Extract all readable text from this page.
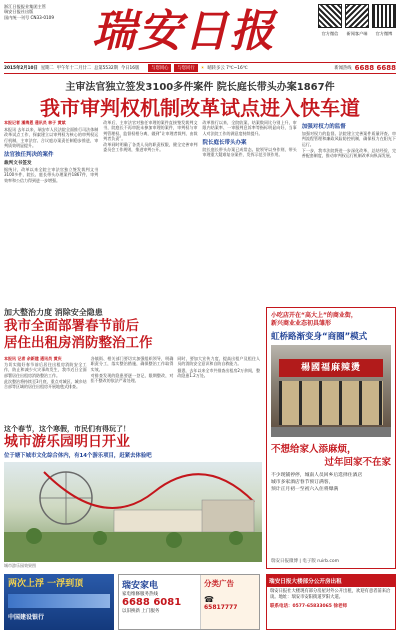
浙江日报报业集团主管
瑞安日报社出版
国内统一刊号 CN33-0109 瑞安日报	官方微信	新闻客户端	官方微博
2015年2月10日 星期二 甲午年十二月廿二 总第5532期 今日16版	与您同心	与您同行	☀ 晴转多云 7℃~16℃	新闻热线 6688 6688
主审法官独立签发3100多件案件 院长庭长带头办案1867件
我市审判权机制改革试点进入快车道
本报记者 潘海恩 通讯员 林子 黄斌

本报讯 去年以来，瑞安市人民法院全面推行司法体制改革试点工作，探索建立以审判权为核心的审判权运行机制，主审法官、合议庭办案责任制稳步推进，审判质效明显提升。

法官独任判决的案件
裁判文书签发

据统计，改革以来全院主审法官独立签发裁判文书3100多件，院长、庭长带头办理案件1867件，审判效率和公信力得到进一步增强。

改革后，主审法官对独任审理的案件直接签发裁判文书，院庭长不再审批未参加审理的案件，审判权与审判管理权、监督权相分离，做到“让审理者裁判，由裁判者负责”。

改革同时明确了各类人员的职责权限，健全完善审判委员会工作规则，推进审判公开。

改革推行以来，全院收案、结案数同比分别上升，审限内结案率、一审服判息诉率等指标明显向好，当事人对法院工作的满意度持续提升。

院长庭长带头办案

院长庭长带头办案已成常态。院领导以身作则，带头审理重大疑难复杂案件，发挥示范引领作用。

加强对权力的监督

加强对权力的监督。法院建立完善案件质量评查、审判流程管理和廉政风险防控机制，确保权力在阳光下运行。

下一步，我市法院将进一步深化改革，总结经验，完善配套制度，推动审判权运行机制改革向纵深发展。

加大整治力度 消除安全隐患
我市全面部署春节前后
居住出租房消防整治工作
本报讯 记者 余新建 通讯员 黄庆

为切实做好春节前后居住出租房消防安全工作，防止和减少火灾事故发生，我市近日全面部署居住出租房消防整治工作。

此次整治将持续至3月底，重点对城区、城乡结合部等区域的居住出租房开展地毯式排查。

各镇街、相关部门要切实加强组织领导，明确职责分工，落实整治措施，确保整治工作取得实效。

对排查发现的隐患要逐一登记，限期整改，对拒不整改的依法严肃处理。

同时，要加大宣传力度，提高出租户及租住人员的消防安全意识和自防自救能力。

据悉，去年以来全市共排查出租房2万余间，整改隐患1.2万处。

小吃店开在“高大上”的商业街，
新兴商业业态初具雏形
虹桥路渐变身“商圈”模式
楊國福麻辣燙
不想给家人添麻烦，
过年回家不在家
不少现铺停停，城南人员回乡后选择住酒店
城市多家酒店春节预订满客，
预计正月初一至初六入住将爆满
瑞安日报微博 | 电子版 ruirb.com
这个春节，这个寒假，市民们有得玩了！
城市游乐园明日开业
位于塘下城市文化综合体内，有14个游乐项目，赶紧去体验吧
城市游乐园效果图
两次上浮 一浮到顶
中国建设银行
瑞安家电
家电维修服务热线
6688 6081
以旧换新 上门服务
分类广告
☎
65817777
瑞安日报大楼部分公开房出租
瑞安日报社大楼现有部分房屋对外公开出租，欢迎有意者前来洽谈。地址：瑞安市安阳街道罗阳大道。
联系电话：0577-65833065 徐老师
